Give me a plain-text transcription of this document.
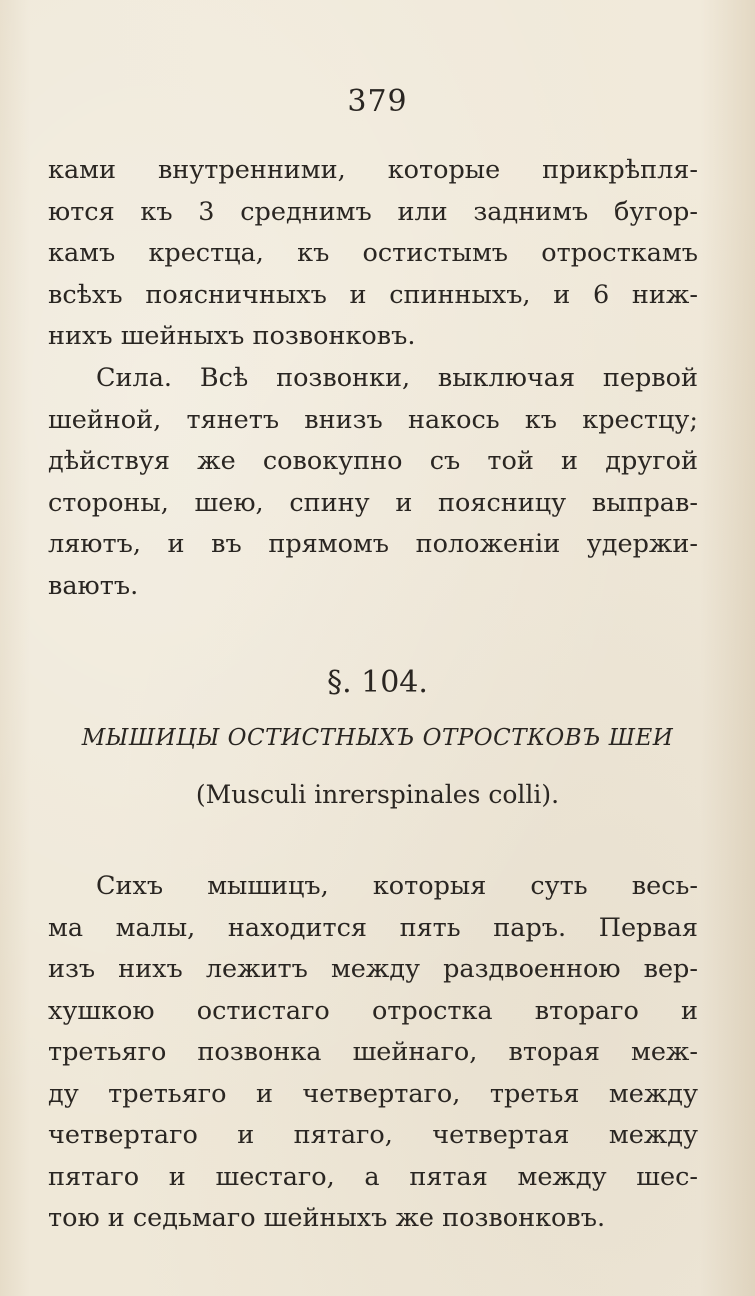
379
ками внутренними, которые прикрѣпля-
ются къ 3 среднимъ или заднимъ бугор-
камъ крестца, къ остистымъ отросткамъ
всѣхъ поясничныхъ и спинныхъ, и 6 ниж-
нихъ шейныхъ позвонковъ.
Сила. Всѣ позвонки, выключая первой
шейной, тянетъ внизъ накось къ крестцу;
дѣйствуя же совокупно съ той и другой
стороны, шею, спину и поясницу выправ-
ляютъ, и въ прямомъ положеніи удержи-
ваютъ.
§. 104.
МЫШИЦЫ ОСТИСТНЫХЪ ОТРОСТКОВЪ ШЕИ
(Musculi inrerspinales colli).
Сихъ мышицъ, которыя суть весь-
ма малы, находится пять паръ. Первая
изъ нихъ лежитъ между раздвоенною вер-
хушкою остистаго отростка втораго и
третьяго позвонка шейнаго, вторая меж-
ду третьяго и четвертаго, третья между
четвертаго и пятаго, четвертая между
пятаго и шестаго, а пятая между шес-
тою и седьмаго шейныхъ же позвонковъ.
